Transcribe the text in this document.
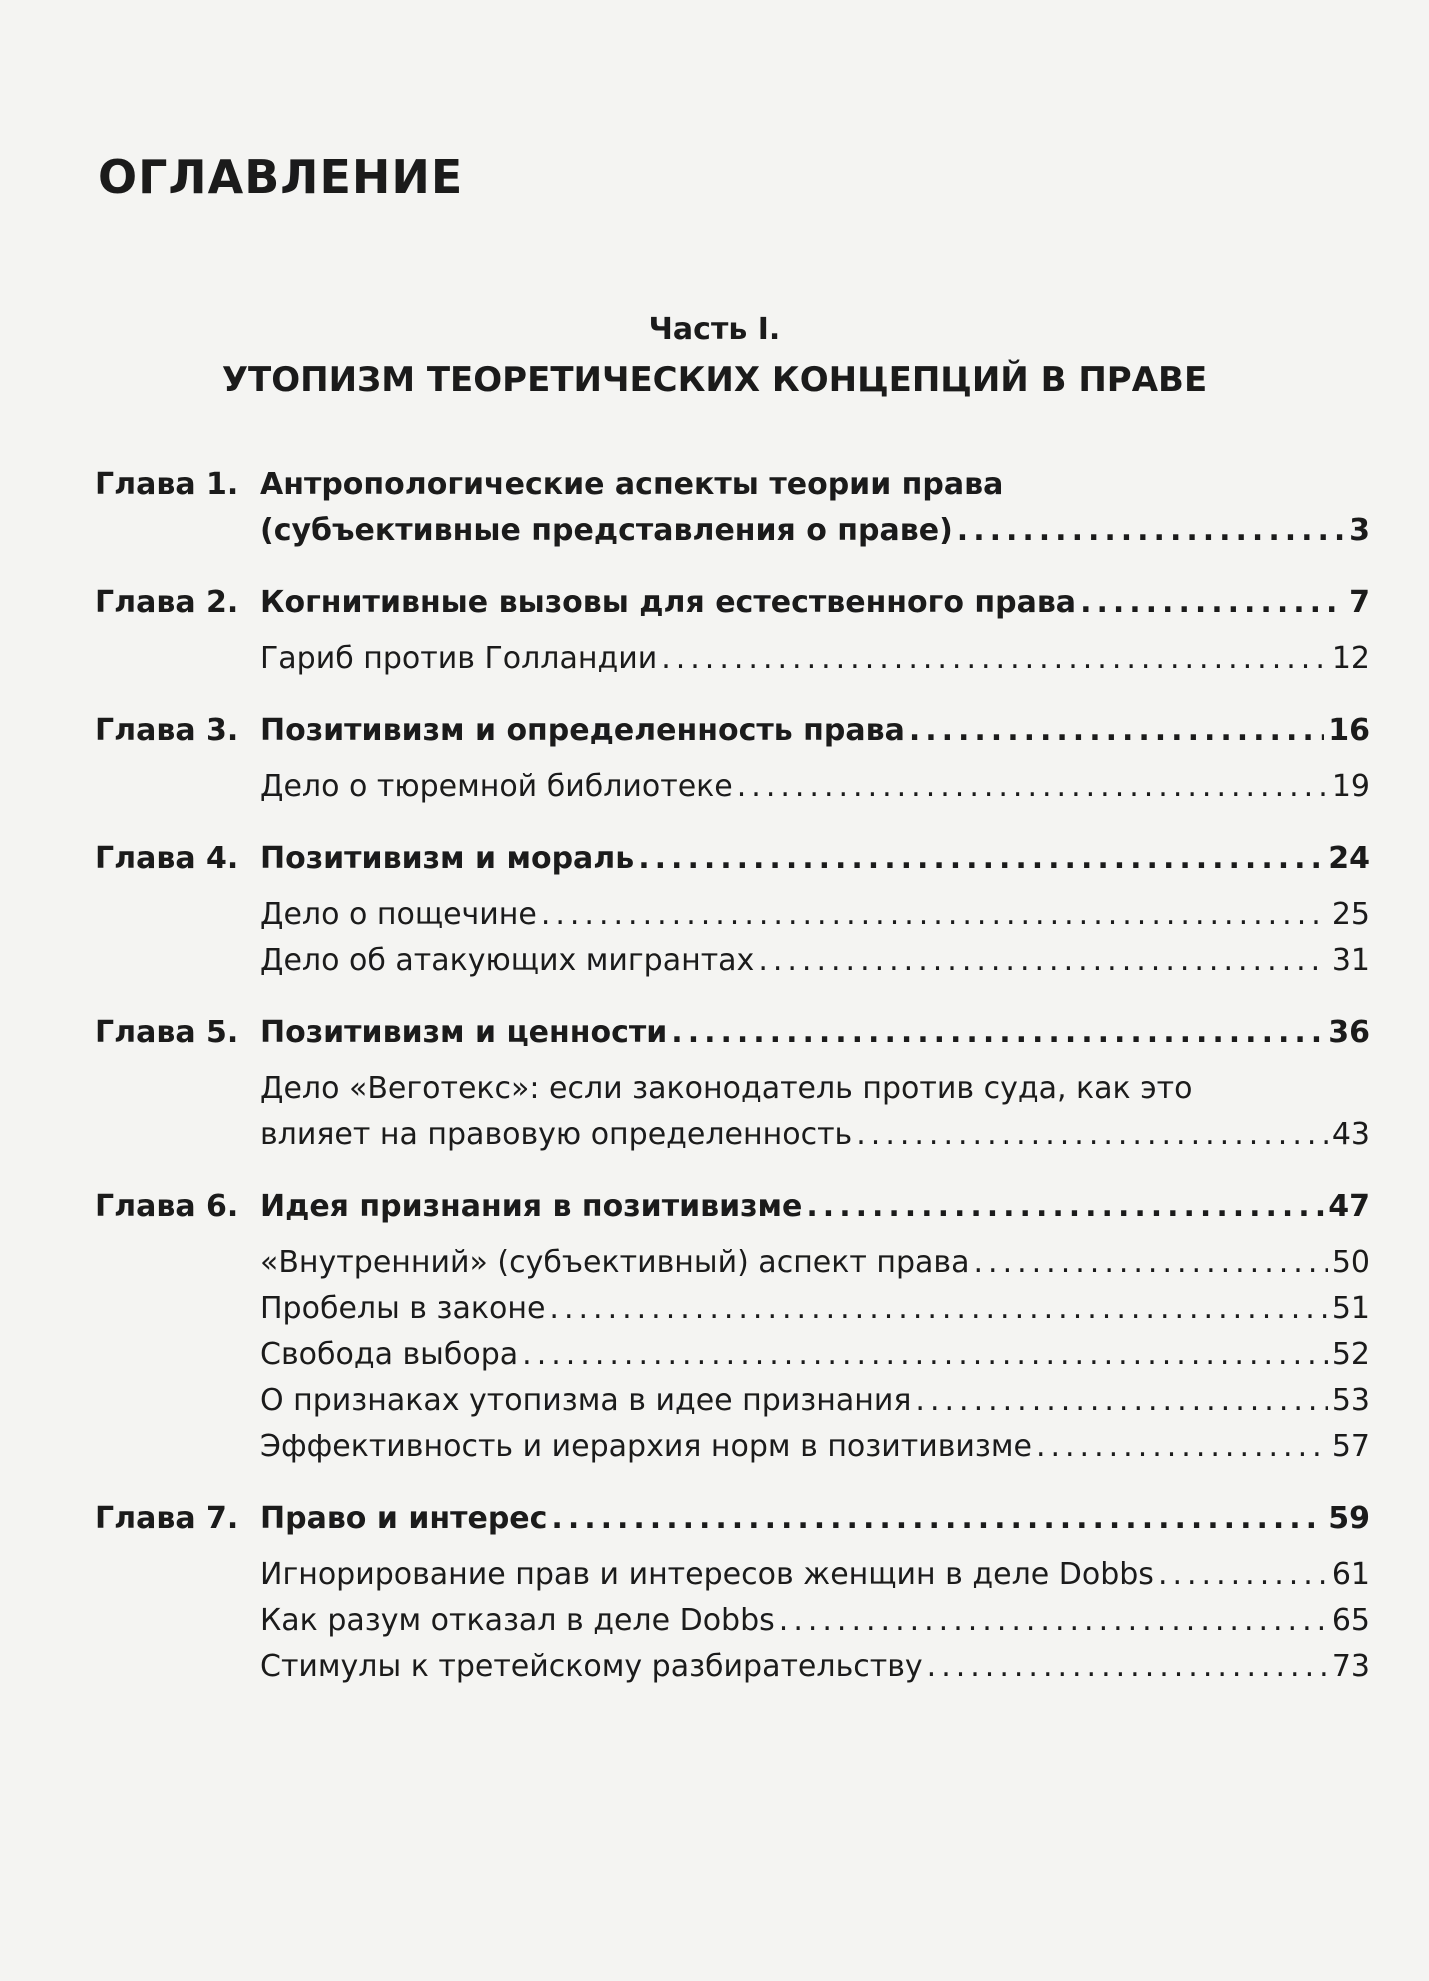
ОГЛАВЛЕНИЕ
Часть I.
УТОПИЗМ ТЕОРЕТИЧЕСКИХ КОНЦЕПЦИЙ В ПРАВЕ
Глава 1. Антропологические аспекты теории права
(субъективные представления о праве) .....	3
Глава 2. Когнитивные вызовы для естественного права .....	7
Гариб против Голландии .....	12
Глава 3. Позитивизм и определенность права .....	16
Дело о тюремной библиотеке .....	19
Глава 4. Позитивизм и мораль .....	24
Дело о пощечине .....	25
Дело об атакующих мигрантах .....	31
Глава 5. Позитивизм и ценности .....	36
Дело «Веготекс»: если законодатель против суда, как это
влияет на правовую определенность .....	43
Глава 6. Идея признания в позитивизме .....	47
«Внутренний» (субъективный) аспект права .....	50
Пробелы в законе .....	51
Свобода выбора .....	52
О признаках утопизма в идее признания .....	53
Эффективность и иерархия норм в позитивизме .....	57
Глава 7. Право и интерес .....	59
Игнорирование прав и интересов женщин в деле Dobbs .....	61
Как разум отказал в деле Dobbs .....	65
Стимулы к третейскому разбирательству .....	73
